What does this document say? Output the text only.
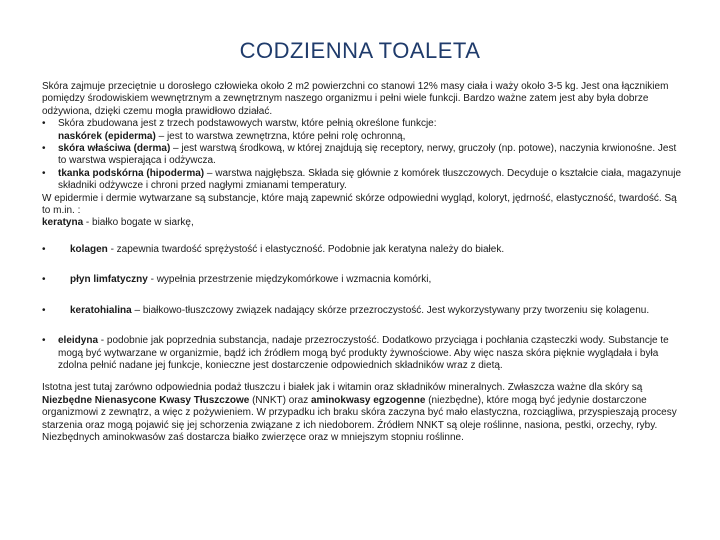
CODZIENNA TOALETA

Skóra zajmuje przeciętnie u dorosłego człowieka około 2 m2 powierzchni co stanowi 12% masy ciała i waży około 3-5 kg. Jest ona łącznikiem pomiędzy środowiskiem wewnętrznym a zewnętrznym naszego organizmu i pełni wiele funkcji. Bardzo ważne zatem jest aby była dobrze odżywiona, dzięki czemu mogła prawidłowo działać.

• Skóra zbudowana jest z trzech podstawowych warstw, które pełnią określone funkcje:
naskórek (epiderma) – jest to warstwa zewnętrzna, które pełni rolę ochronną,
• skóra właściwa (derma) – jest warstwą środkową, w której znajdują się receptory, nerwy, gruczoły (np. potowe), naczynia krwionośne. Jest to warstwa wspierająca i odżywcza.
• tkanka podskórna (hipoderma) – warstwa najgłębsza. Składa się głównie z komórek tłuszczowych. Decyduje o kształcie ciała, magazynuje składniki odżywcze i chroni przed nagłymi zmianami temperatury.

W epidermie i dermie wytwarzane są substancje, które mają zapewnić skórze odpowiedni wygląd, koloryt, jędrność, elastyczność, twardość. Są to m.in. :

keratyna - białko bogate w siarkę,

• kolagen - zapewnia twardość sprężystość i elastyczność. Podobnie jak keratyna należy do białek.
• płyn limfatyczny - wypełnia przestrzenie międzykomórkowe i wzmacnia komórki,
• keratohialina – białkowo-tłuszczowy związek nadający skórze przezroczystość. Jest wykorzystywany przy tworzeniu się kolagenu.
• eleidyna - podobnie jak poprzednia substancja, nadaje przezroczystość. Dodatkowo przyciąga i pochłania cząsteczki wody. Substancje te mogą być wytwarzane w organizmie, bądź ich źródłem mogą być produkty żywnościowe. Aby więc nasza skóra pięknie wyglądała i była zdolna pełnić nadane jej funkcje, konieczne jest dostarczenie odpowiednich składników wraz z dietą.

Istotna jest tutaj zarówno odpowiednia podaż tłuszczu i białek jak i witamin oraz składników mineralnych. Zwłaszcza ważne dla skóry są Niezbędne Nienasycone Kwasy Tłuszczowe (NNKT) oraz aminokwasy egzogenne (niezbędne), które mogą być jedynie dostarczone organizmowi z zewnątrz, a więc z pożywieniem. W przypadku ich braku skóra zaczyna być mało elastyczna, rozciągliwa, przyspieszają procesy starzenia oraz mogą pojawić się jej schorzenia związane z ich niedoborem. Źródłem NNKT są oleje roślinne, nasiona, pestki, orzechy, ryby. Niezbędnych aminokwasów zaś dostarcza białko zwierzęce oraz w mniejszym stopniu roślinne.
